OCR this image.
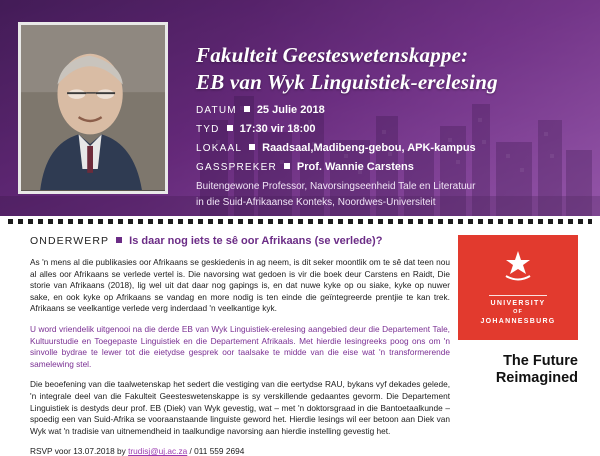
Fakulteit Geesteswetenskappe:
EB van Wyk Linguistiek-erelesing
DATUM 25 Julie 2018
TYD 17:30 vir 18:00
LOKAAL Raadsaal, Madibeng-gebou, APK-kampus
GASSPREKER Prof. Wannie Carstens
Buitengewone Professor, Navorsingseenheid Tale en Literatuur
in die Suid-Afrikaanse Konteks, Noordwes-Universiteit
ONDERWERP Is daar nog iets te sê oor Afrikaans (se verlede)?

As 'n mens al die publikasies oor Afrikaans se geskiedenis in ag neem, is dit seker moontlik om te sê dat teen nou al alles oor Afrikaans se verlede vertel is. Die navorsing wat gedoen is vir die boek deur Carstens en Raidt, Die storie van Afrikaans (2018), lig wel uit dat daar nog gapings is, en dat nuwe kyke op ou siake, kyke op nuwer sake, en ook kyke op Afrikaans se vandag en more nodig is ten einde die geïntegreerde prentjie te kan trek. Afrikaans se veelkantige verlede verg inderdaad 'n veelkantige kyk.

U word vriendelik uitgenooi na die derde EB van Wyk Linguistiek-erelesing aangebied deur die Departement Tale, Kultuurstudie en Toegepaste Linguistiek en die Departement Afrikaals. Met hierdie lesingreeks poog ons om 'n sinvolle bydrae te lewer tot die eietydse gesprek oor taalsake te midde van die eise wat 'n transformerende samelewing stel.

Die beoefening van die taalwetenskap het sedert die vestiging van die eertydse RAU, bykans vyf dekades gelede, 'n integrale deel van die Fakulteit Geesteswetenskappe is sy verskillende gedaantes gevorm. Die Departement Linguistiek is destyds deur prof. EB (Diek) van Wyk gevestig, wat – met 'n doktorsgraad in die Bantoetaalkunde – spoedig een van Suid-Afrika se vooraanstaande linguiste geword het. Hierdie lesings wil eer betoon aan Diek van Wyk wat 'n tradisie van uitnemendheid in taalkundige navorsing aan hierdie instelling gevestig het.

RSVP voor 13.07.2018 by trudisj@uj.ac.za / 011 559 2694
UNIVERSITY
OF
JOHANNESBURG
The Future
Reimagined
